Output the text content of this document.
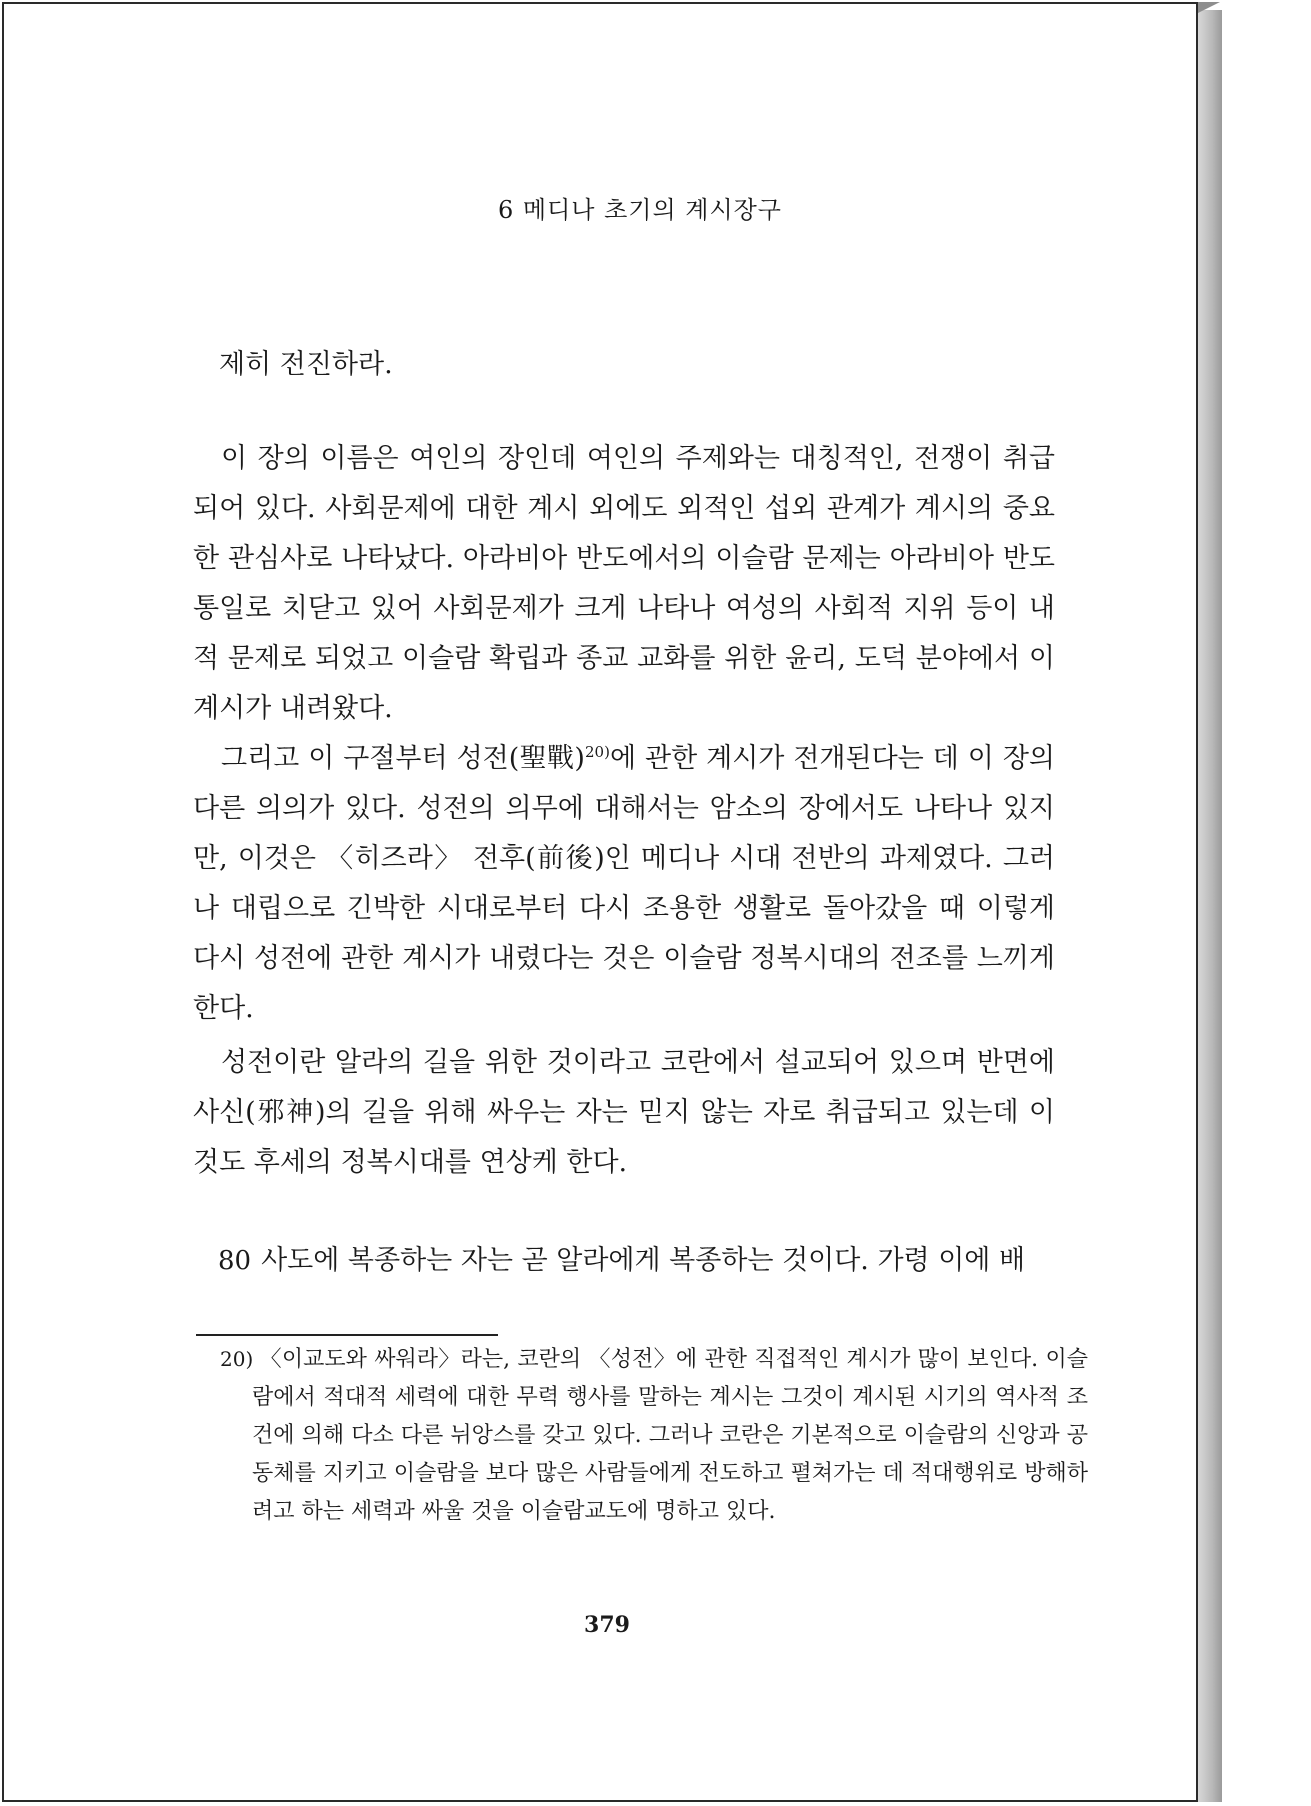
6 메디나 초기의 계시장구

제히 전진하라.

이 장의 이름은 여인의 장인데 여인의 주제와는 대칭적인, 전쟁이 취급되어 있다. 사회문제에 대한 계시 외에도 외적인 섭외 관계가 계시의 중요한 관심사로 나타났다. 아라비아 반도에서의 이슬람 문제는 아라비아 반도 통일로 치닫고 있어 사회문제가 크게 나타나 여성의 사회적 지위 등이 내적 문제로 되었고 이슬람 확립과 종교 교화를 위한 윤리, 도덕 분야에서 이 계시가 내려왔다.

그리고 이 구절부터 성전(聖戰)$^{20)}$에 관한 계시가 전개된다는 데 이 장의 다른 의의가 있다. 성전의 의무에 대해서는 암소의 장에서도 나타나 있지만, 이것은 〈히즈라〉 전후(前後)인 메디나 시대 전반의 과제였다. 그러나 대립으로 긴박한 시대로부터 다시 조용한 생활로 돌아갔을 때 이렇게 다시 성전에 관한 계시가 내렸다는 것은 이슬람 정복시대의 전조를 느끼게 한다.

성전이란 알라의 길을 위한 것이라고 코란에서 설교되어 있으며 반면에 사신(邪神)의 길을 위해 싸우는 자는 믿지 않는 자로 취급되고 있는데 이것도 후세의 정복시대를 연상케 한다.

80 사도에 복종하는 자는 곧 알라에게 복종하는 것이다. 가령 이에 배

20) 〈이교도와 싸워라〉라는, 코란의 〈성전〉에 관한 직접적인 계시가 많이 보인다. 이슬람에서 적대적 세력에 대한 무력 행사를 말하는 계시는 그것이 계시된 시기의 역사적 조건에 의해 다소 다른 뉘앙스를 갖고 있다. 그러나 코란은 기본적으로 이슬람의 신앙과 공동체를 지키고 이슬람을 보다 많은 사람들에게 전도하고 펼쳐가는 데 적대행위로 방해하려고 하는 세력과 싸울 것을 이슬람교도에 명하고 있다.

379
